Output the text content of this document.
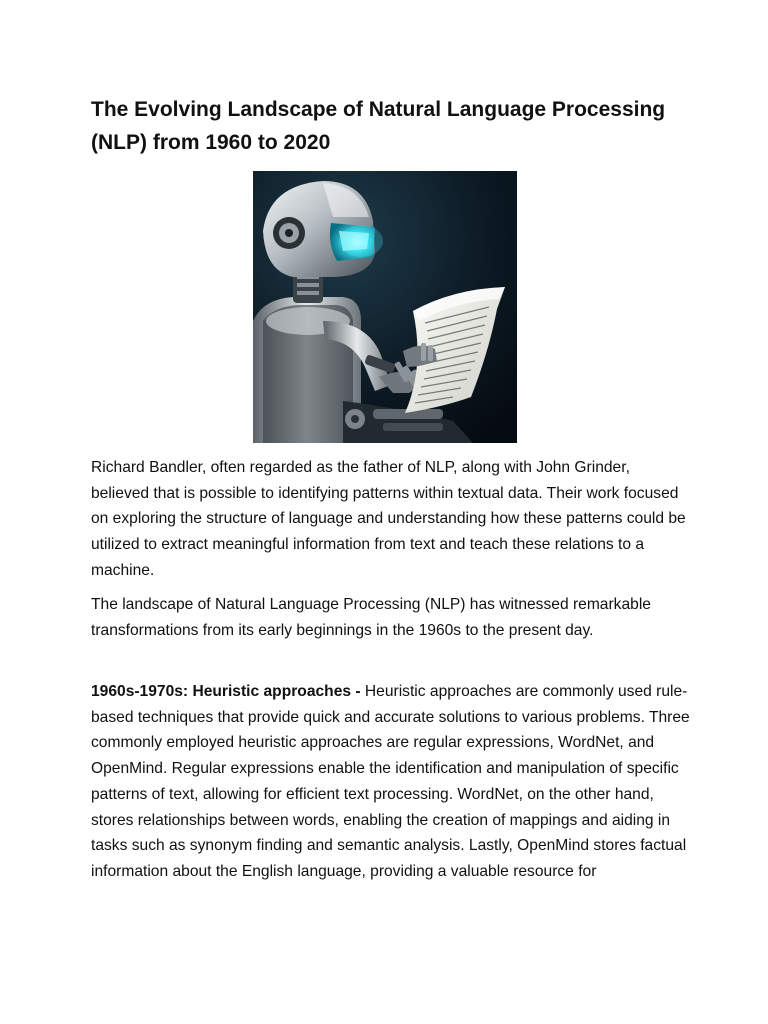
The Evolving Landscape of Natural Language Processing (NLP) from 1960 to 2020

Richard Bandler, often regarded as the father of NLP, along with John Grinder, believed that is possible to identifying patterns within textual data. Their work focused on exploring the structure of language and understanding how these patterns could be utilized to extract meaningful information from text and teach these relations to a machine.

The landscape of Natural Language Processing (NLP) has witnessed remarkable transformations from its early beginnings in the 1960s to the present day.

1960s-1970s: Heuristic approaches - Heuristic approaches are commonly used rule-based techniques that provide quick and accurate solutions to various problems. Three commonly employed heuristic approaches are regular expressions, WordNet, and OpenMind. Regular expressions enable the identification and manipulation of specific patterns of text, allowing for efficient text processing. WordNet, on the other hand, stores relationships between words, enabling the creation of mappings and aiding in tasks such as synonym finding and semantic analysis. Lastly, OpenMind stores factual information about the English language, providing a valuable resource for
